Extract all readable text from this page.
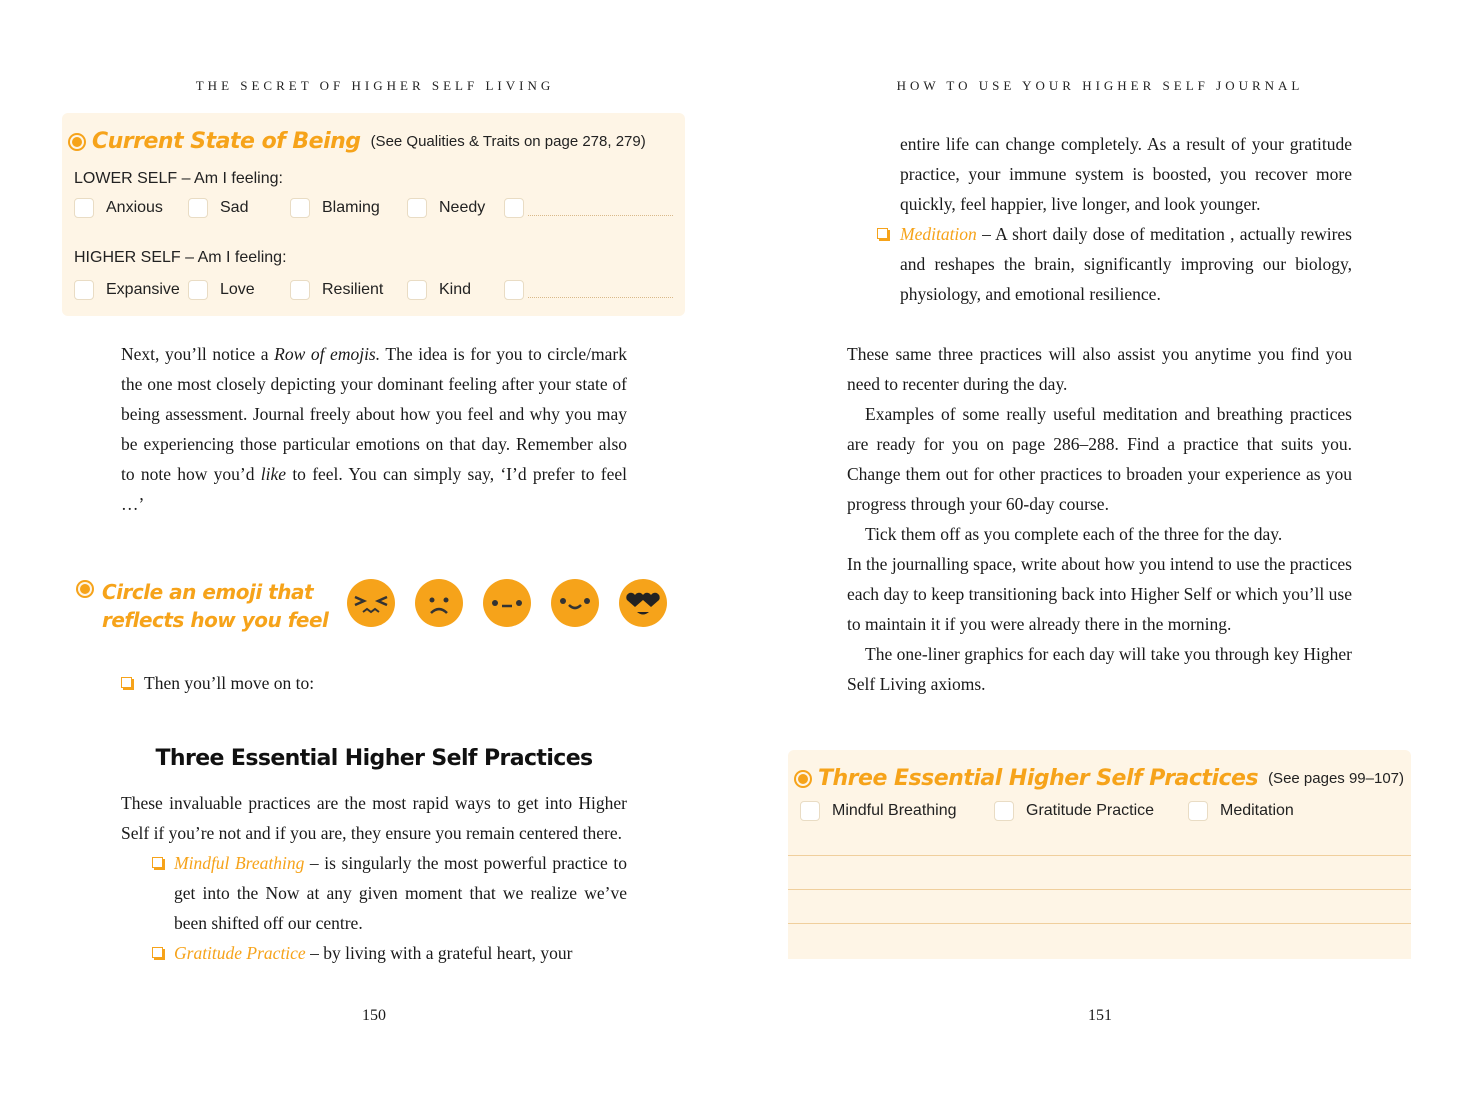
THE SECRET OF HIGHER SELF LIVING
Current State of Being (See Qualities & Traits on page 278, 279)
LOWER SELF – Am I feeling:
Anxious	Sad	Blaming	Needy
HIGHER SELF – Am I feeling:
Expansive	Love	Resilient	Kind

Next, you’ll notice a Row of emojis. The idea is for you to circle/mark the one most closely depicting your dominant feeling after your state of being assessment. Journal freely about how you feel and why you may be experiencing those particular emotions on that day. Remember also to note how you’d like to feel. You can simply say, ‘I’d prefer to feel …’

Circle an emoji that
reflects how you feel
Then you’ll move on to:
Three Essential Higher Self Practices

These invaluable practices are the most rapid ways to get into Higher Self if you’re not and if you are, they ensure you remain centered there.

Mindful Breathing – is singularly the most powerful practice to get into the Now at any given moment that we realize we’ve been shifted off our centre.

Gratitude Practice – by living with a grateful heart, your

150
HOW TO USE YOUR HIGHER SELF JOURNAL

entire life can change completely. As a result of your gratitude practice, your immune system is boosted, you recover more quickly, feel happier, live longer, and look younger.

Meditation – A short daily dose of meditation , actually rewires and reshapes the brain, significantly improving our biology, physiology, and emotional resilience.

These same three practices will also assist you anytime you find you need to recenter during the day.

Examples of some really useful meditation and breathing practices are ready for you on page 286–288. Find a practice that suits you. Change them out for other practices to broaden your experience as you progress through your 60-day course.

Tick them off as you complete each of the three for the day.

In the journalling space, write about how you intend to use the practices each day to keep transitioning back into Higher Self or which you’ll use to maintain it if you were already there in the morning.

The one-liner graphics for each day will take you through key Higher Self Living axioms.

Three Essential Higher Self Practices (See pages 99–107)
Mindful Breathing	Gratitude Practice	Meditation
151
